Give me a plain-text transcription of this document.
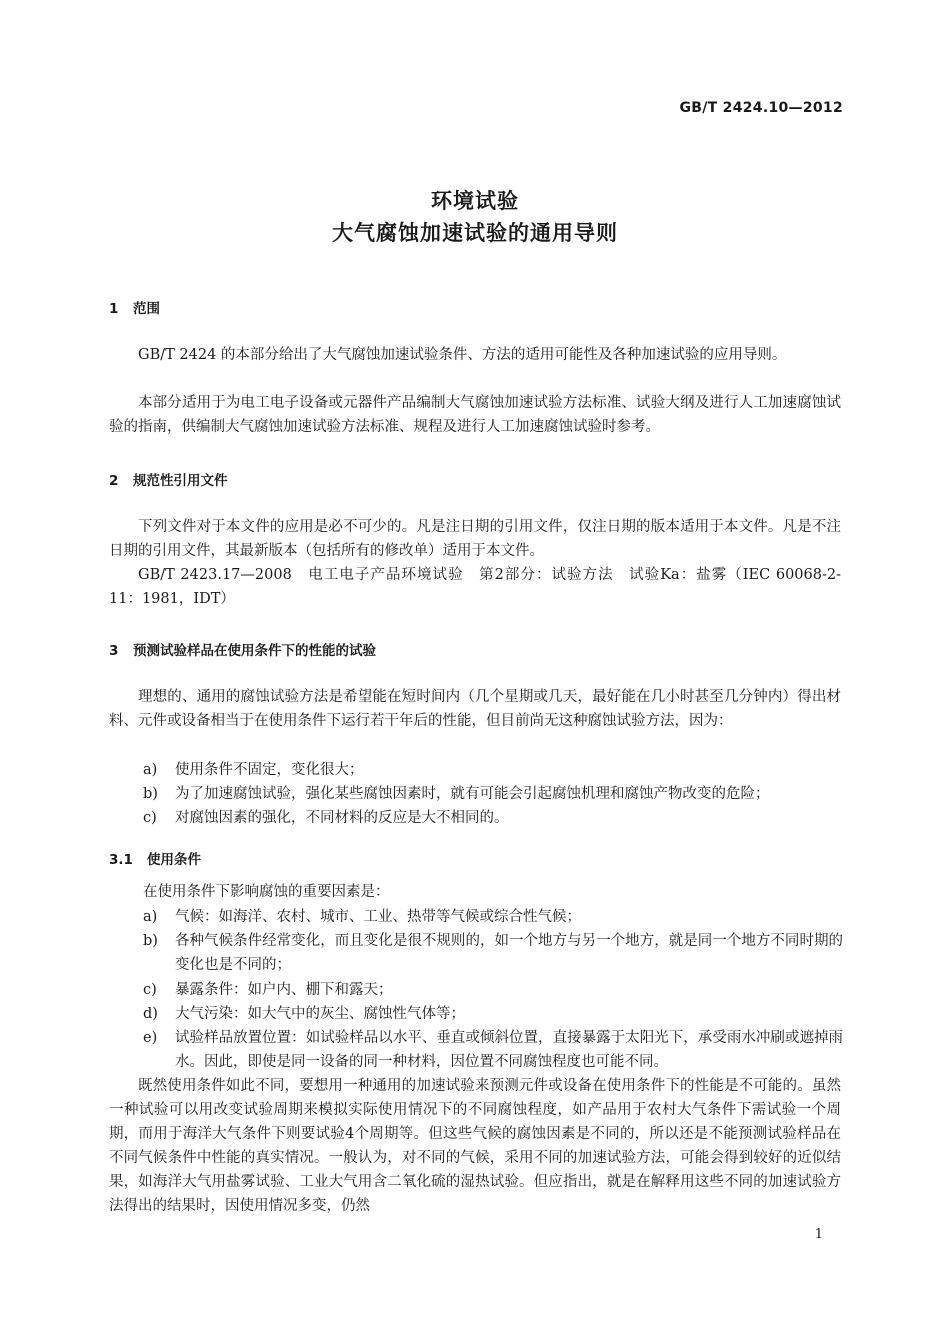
GB/T 2424.10—2012
环境试验
大气腐蚀加速试验的通用导则
1 范围

GB/T 2424 的本部分给出了大气腐蚀加速试验条件、方法的适用可能性及各种加速试验的应用导则。

本部分适用于为电工电子设备或元器件产品编制大气腐蚀加速试验方法标准、试验大纲及进行人工加速腐蚀试验的指南，供编制大气腐蚀加速试验方法标准、规程及进行人工加速腐蚀试验时参考。

2 规范性引用文件

下列文件对于本文件的应用是必不可少的。凡是注日期的引用文件，仅注日期的版本适用于本文件。凡是不注日期的引用文件，其最新版本（包括所有的修改单）适用于本文件。

GB/T 2423.17—2008　电工电子产品环境试验　第2部分：试验方法　试验Ka：盐雾（IEC 60068-2-11：1981，IDT）

3 预测试验样品在使用条件下的性能的试验

理想的、通用的腐蚀试验方法是希望能在短时间内（几个星期或几天，最好能在几小时甚至几分钟内）得出材料、元件或设备相当于在使用条件下运行若干年后的性能，但目前尚无这种腐蚀试验方法，因为：

a) 使用条件不固定，变化很大；
b) 为了加速腐蚀试验，强化某些腐蚀因素时，就有可能会引起腐蚀机理和腐蚀产物改变的危险；
c) 对腐蚀因素的强化，不同材料的反应是大不相同的。
3.1 使用条件
在使用条件下影响腐蚀的重要因素是：
a) 气候：如海洋、农村、城市、工业、热带等气候或综合性气候；
b) 各种气候条件经常变化，而且变化是很不规则的，如一个地方与另一个地方，就是同一个地方不同时期的变化也是不同的；
c) 暴露条件：如户内、棚下和露天；
d) 大气污染：如大气中的灰尘、腐蚀性气体等；
e) 试验样品放置位置：如试验样品以水平、垂直或倾斜位置，直接暴露于太阳光下，承受雨水冲刷或遮掉雨水。因此，即使是同一设备的同一种材料，因位置不同腐蚀程度也可能不同。

既然使用条件如此不同，要想用一种通用的加速试验来预测元件或设备在使用条件下的性能是不可能的。虽然一种试验可以用改变试验周期来模拟实际使用情况下的不同腐蚀程度，如产品用于农村大气条件下需试验一个周期，而用于海洋大气条件下则要试验4个周期等。但这些气候的腐蚀因素是不同的，所以还是不能预测试验样品在不同气候条件中性能的真实情况。一般认为，对不同的气候，采用不同的加速试验方法，可能会得到较好的近似结果，如海洋大气用盐雾试验、工业大气用含二氧化硫的湿热试验。但应指出，就是在解释用这些不同的加速试验方法得出的结果时，因使用情况多变，仍然

1
